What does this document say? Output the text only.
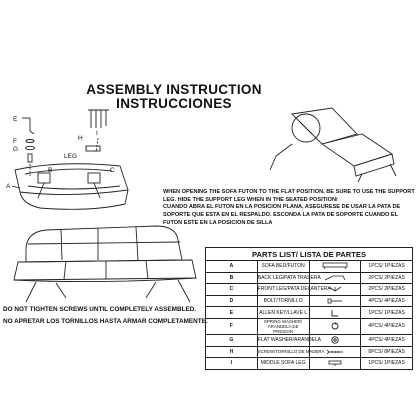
ASSEMBLY INSTRUCTION
INSTRUCCIONES
E
F
G
H
I
LEG
A
B	C
WHEN OPENING THE SOFA FUTON TO THE FLAT POSITION, BE SURE TO USE THE SUPPORT
LEG. HIDE THE SUPPORT LEG WHEN IN THE SEATED POSITION/
CUANDO ABRA EL FUTON EN LA POSICION PLANA, ASEGURESE DE USAR LA PATA DE
SOPORTE QUE ESTA EN EL RESPALDO. ESCONDA LA PATA DE SOPORTE CUANDO EL
FUTON ESTE EN LA POSICION DE SILLA
DO NOT TIGHTEN SCREWS UNTIL COMPLETELY ASSEMBLED.
NO APRETAR LOS TORNILLOS HASTA ARMAR COMPLETAMENTE.
PARTS LIST/ LISTA DE PARTES			
A	SOFA BED/FUTON		1PCS/ 1PIEZAS
B	BACK LEG/PATA TRASERA		2PCS/ 2PIEZAS
C	FRONT LEG/PATA DELANTERA		2PCS/ 2PIEZAS
D	BOLT/TORNILLO		4PCS/ 4PIEZAS
E	ALLEN KEY/LLAVE L		1PCS/ 1PIEZAS
F	SPRING WASHER/ ARANDELA DE PRESION		4PCS/ 4PIEZAS
G	FLAT WASHER/ARANDELA		4PCS/ 4PIEZAS
H	SCREW/TORNILLO DE MADERA		8PCS/ 8PIEZAS
I	MIDDLE SOFA LEG		1PCS/ 1PIEZAS
